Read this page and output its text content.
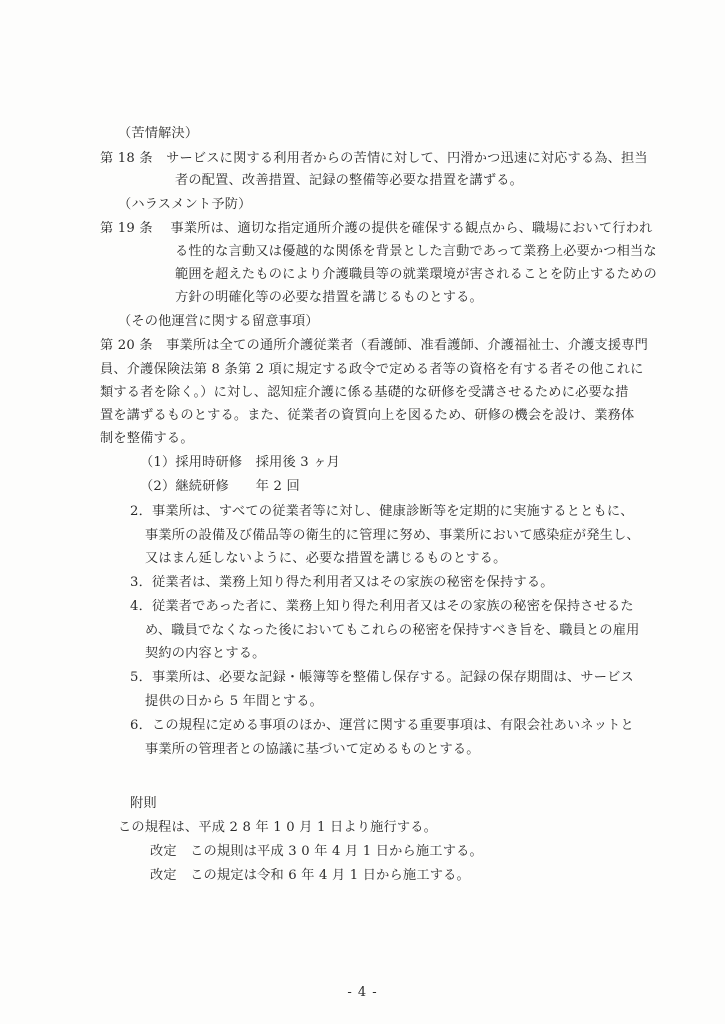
（苦情解決）
第 18 条　サービスに関する利用者からの苦情に対して、円滑かつ迅速に対応する為、担当
者の配置、改善措置、記録の整備等必要な措置を講ずる。
（ハラスメント予防）
第 19 条　 事業所は、適切な指定通所介護の提供を確保する観点から、職場において行われ
る性的な言動又は優越的な関係を背景とした言動であって業務上必要かつ相当な
範囲を超えたものにより介護職員等の就業環境が害されることを防止するための
方針の明確化等の必要な措置を講じるものとする。
（その他運営に関する留意事項）
第 20 条　事業所は全ての通所介護従業者（看護師、准看護師、介護福祉士、介護支援専門
員、介護保険法第 8 条第 2 項に規定する政令で定める者等の資格を有する者その他これに
類する者を除く。）に対し、認知症介護に係る基礎的な研修を受講させるために必要な措
置を講ずるものとする。また、従業者の資質向上を図るため、研修の機会を設け、業務体
制を整備する。
（1）採用時研修　採用後 3 ヶ月
（2）継続研修　　年 2 回
2．事業所は、すべての従業者等に対し、健康診断等を定期的に実施するとともに、
事業所の設備及び備品等の衛生的に管理に努め、事業所において感染症が発生し、
又はまん延しないように、必要な措置を講じるものとする。
3．従業者は、業務上知り得た利用者又はその家族の秘密を保持する。
4．従業者であった者に、業務上知り得た利用者又はその家族の秘密を保持させるた
め、職員でなくなった後においてもこれらの秘密を保持すべき旨を、職員との雇用
契約の内容とする。
5．事業所は、必要な記録・帳簿等を整備し保存する。記録の保存期間は、サービス
提供の日から 5 年間とする。
6．この規程に定める事項のほか、運営に関する重要事項は、有限会社あいネットと
事業所の管理者との協議に基づいて定めるものとする。
附則
この規程は、平成 2 8 年 1 0 月 1 日より施行する。
改定　この規則は平成 3 0 年 4 月 1 日から施工する。
改定　この規定は令和 6 年 4 月 1 日から施工する。
- 4 -
